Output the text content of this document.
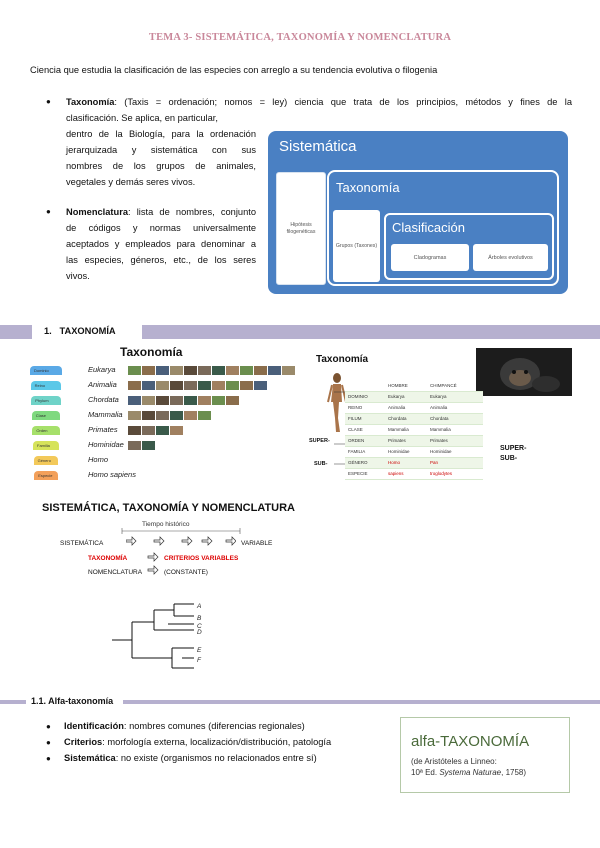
TEMA 3- SISTEMÁTICA, TAXONOMÍA Y NOMENCLATURA
Ciencia que estudia la clasificación de las especies con arreglo a su tendencia evolutiva o filogenia
● Taxonomía: (Taxis = ordenación; nomos = ley) ciencia que trata de los principios, métodos y fines de la
clasificación. Se aplica, en particular,
dentro de la Biología, para la ordenación
jerarquizada y sistemática con sus
nombres de los grupos de animales,
vegetales y demás seres vivos.
● Nomenclatura: lista de nombres, conjunto
de códigos y normas universalmente
aceptados y empleados para denominar a
las especies, géneros, etc., de los seres
vivos.
Sistemática
Hipótesis filogenéticas
Taxonomía
Grupos (Taxones)
Clasificación
Cladogramas	Árboles evolutivos
1. TAXONOMÍA
Taxonomía
Dominio	Eukarya
Reino	Animalia
Phylum	Chordata
Clase	Mammalia
Orden	Primates
Familia	Hominidae
Género	Homo
Especie	Homo sapiens
Taxonomía
	HOMBRE	CHIMPANCÉ
DOMINIO	Eukarya	Eukarya
REINO	Animalia	Animalia
FILUM	Chordata	Chordata
CLASE	Mammalia	Mammalia
ORDEN	Primates	Primates
FAMILIA	Hominidae	Hominidae
GÉNERO	Homo	Pan
ESPECIE	sapiens	troglodytes
SUPER-
SUB-
SUPER-
SUB-
SISTEMÁTICA, TAXONOMÍA Y NOMENCLATURA
Tiempo histórico
SISTEMÁTICA	VARIABLE
TAXONOMÍA	CRITERIOS VARIABLES
NOMENCLATURA	(CONSTANTE)
A
B
C
D
E
F
1.1. Alfa-taxonomía
● Identificación: nombres comunes (diferencias regionales)
● Criterios: morfología externa, localización/distribución, patología
● Sistemática: no existe (organismos no relacionados entre sí)
alfa-TAXONOMÍA
(de Aristóteles a Linneo:
10ª Ed. Systema Naturae, 1758)
